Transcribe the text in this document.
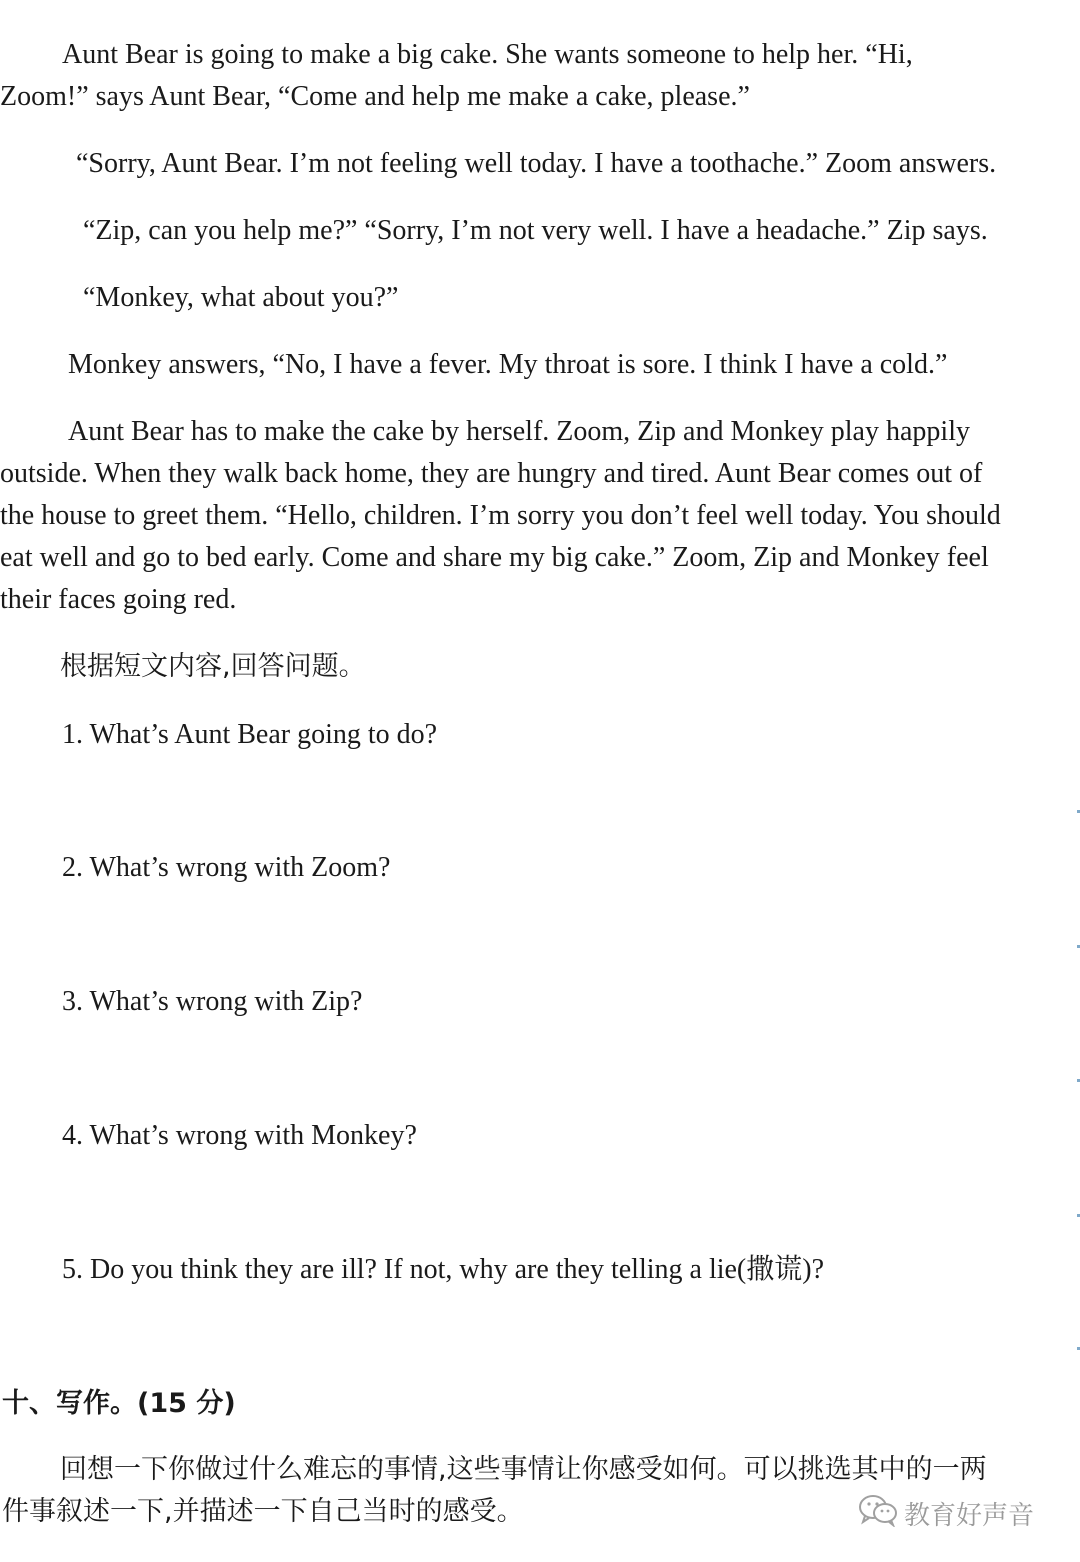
Aunt Bear is going to make a big cake. She wants someone to help her. “Hi,
Zoom!” says Aunt Bear, “Come and help me make a cake, please.”
“Sorry, Aunt Bear. I’m not feeling well today. I have a toothache.” Zoom answers.
“Zip, can you help me?” “Sorry, I’m not very well. I have a headache.” Zip says.
“Monkey, what about you?”
Monkey answers, “No, I have a fever. My throat is sore. I think I have a cold.”
Aunt Bear has to make the cake by herself. Zoom, Zip and Monkey play happily
outside. When they walk back home, they are hungry and tired. Aunt Bear comes out of
the house to greet them. “Hello, children. I’m sorry you don’t feel well today. You should
eat well and go to bed early. Come and share my big cake.” Zoom, Zip and Monkey feel
their faces going red.
根据短文内容,回答问题。
1. What’s Aunt Bear going to do?
2. What’s wrong with Zoom?
3. What’s wrong with Zip?
4. What’s wrong with Monkey?
5. Do you think they are ill? If not, why are they telling a lie(撒谎)?
十、写作。(15 分)
回想一下你做过什么难忘的事情,这些事情让你感受如何。可以挑选其中的一两
件事叙述一下,并描述一下自己当时的感受。	教育好声音
